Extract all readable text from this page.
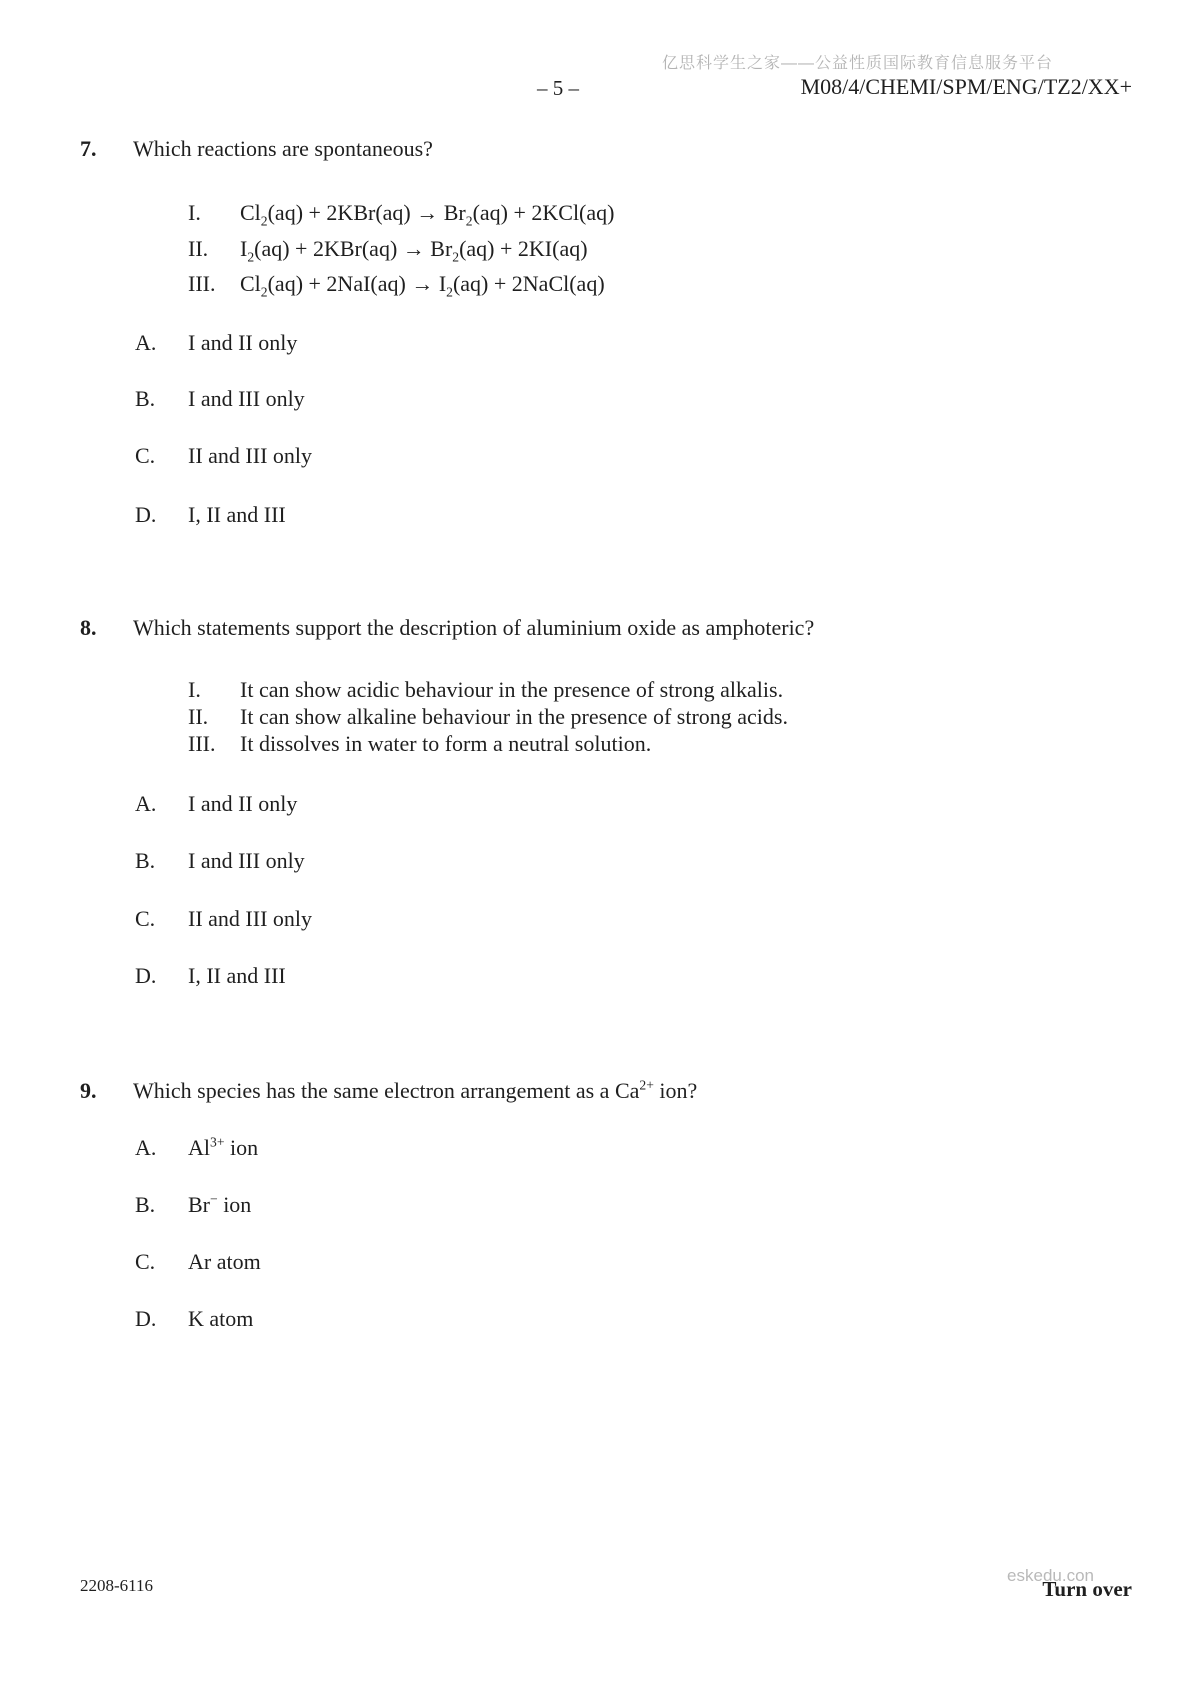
亿思科学生之家——公益性质国际教育信息服务平台
– 5 –	M08/4/CHEMI/SPM/ENG/TZ2/XX+
7. Which reactions are spontaneous?
I. $Cl_2(aq) + 2KBr(aq) \to Br_2(aq) + 2KCl(aq)$
II. $I_2(aq) + 2KBr(aq) \to Br_2(aq) + 2KI(aq)$
III. $Cl_2(aq) + 2NaI(aq) \to I_2(aq)$ + 2NaCl(aq)
A. I and II only
B. I and III only
C. II and III only
D. I, II and III
8. Which statements support the description of aluminium oxide as amphoteric?
I. It can show acidic behaviour in the presence of strong alkalis.
II. It can show alkaline behaviour in the presence of strong acids.
III. It dissolves in water to form a neutral solution.
A. I and II only
B. I and III only
C. II and III only
D. I, II and III
9. Which species has the same electron arrangement as a $Ca^{2+}$ ion?
A. $Al^{3+}$ ion
B. Br− ion
C. Ar atom
D. K atom
2208-6116
eskedu.con
Turn over
